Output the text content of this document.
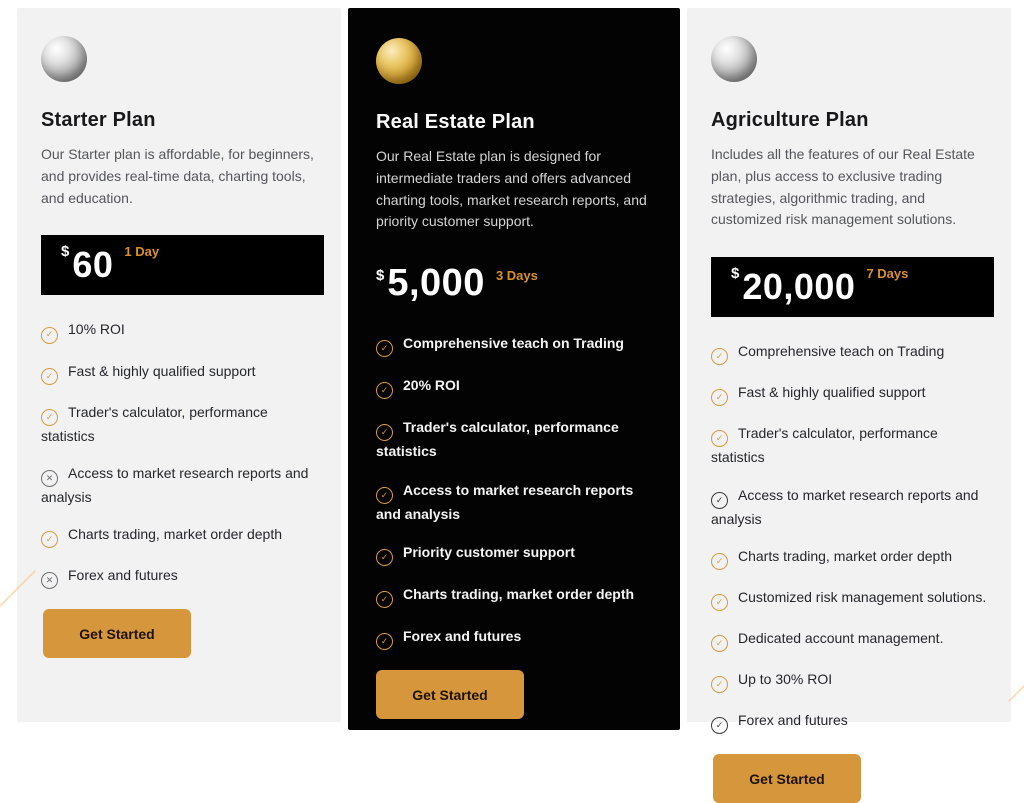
Starter Plan

Our Starter plan is affordable, for beginners, and provides real-time data, charting tools, and education.

$ 60 1 Day
✓10% ROI
✓Fast & highly qualified support
✓Trader's calculator, performance statistics
✕Access to market research reports and analysis
✓Charts trading, market order depth
✕Forex and futures
Get Started
Real Estate Plan

Our Real Estate plan is designed for intermediate traders and offers advanced charting tools, market research reports, and priority customer support.

$ 5,000 3 Days
✓Comprehensive teach on Trading
✓20% ROI
✓Trader's calculator, performance statistics
✓Access to market research reports and analysis
✓Priority customer support
✓Charts trading, market order depth
✓Forex and futures
Get Started
Agriculture Plan

Includes all the features of our Real Estate plan, plus access to exclusive trading strategies, algorithmic trading, and customized risk management solutions.

$ 20,000 7 Days
✓Comprehensive teach on Trading
✓Fast & highly qualified support
✓Trader's calculator, performance statistics
✓Access to market research reports and analysis
✓Charts trading, market order depth
✓Customized risk management solutions.
✓Dedicated account management.
✓Up to 30% ROI
✓Forex and futures
Get Started
